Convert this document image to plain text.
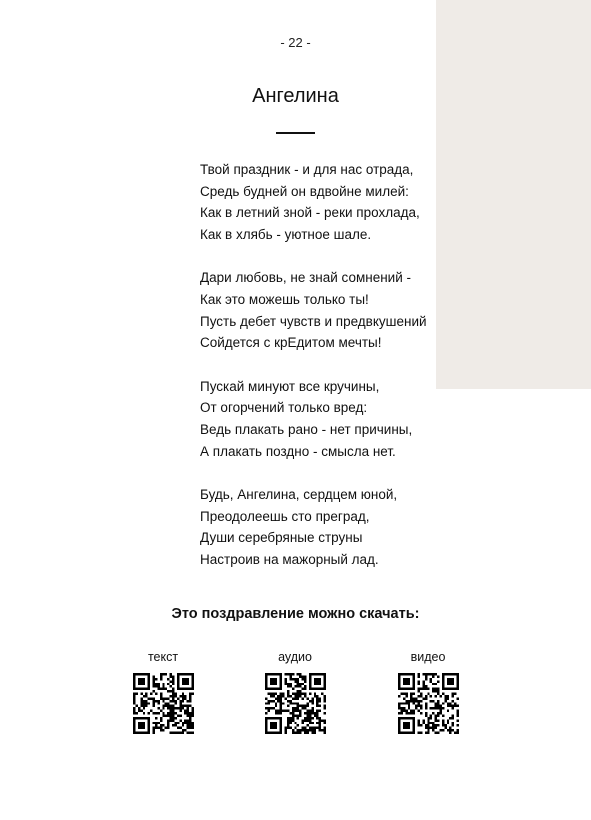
- 22 -
Ангелина
Твой праздник - и для нас отрада,
Средь будней он вдвойне милей:
Как в летний зной - реки прохлада,
Как в хлябь - уютное шале.
Дари любовь, не знай сомнений -
Как это можешь только ты!
Пусть дебет чувств и предвкушений
Сойдется с крЕдитом мечты!
Пускай минуют все кручины,
От огорчений только вред:
Ведь плакать рано - нет причины,
А плакать поздно - смысла нет.
Будь, Ангелина, сердцем юной,
Преодолеешь сто преград,
Души серебряные струны
Настроив на мажорный лад.
Это поздравление можно скачать:
текст	аудио	видео
